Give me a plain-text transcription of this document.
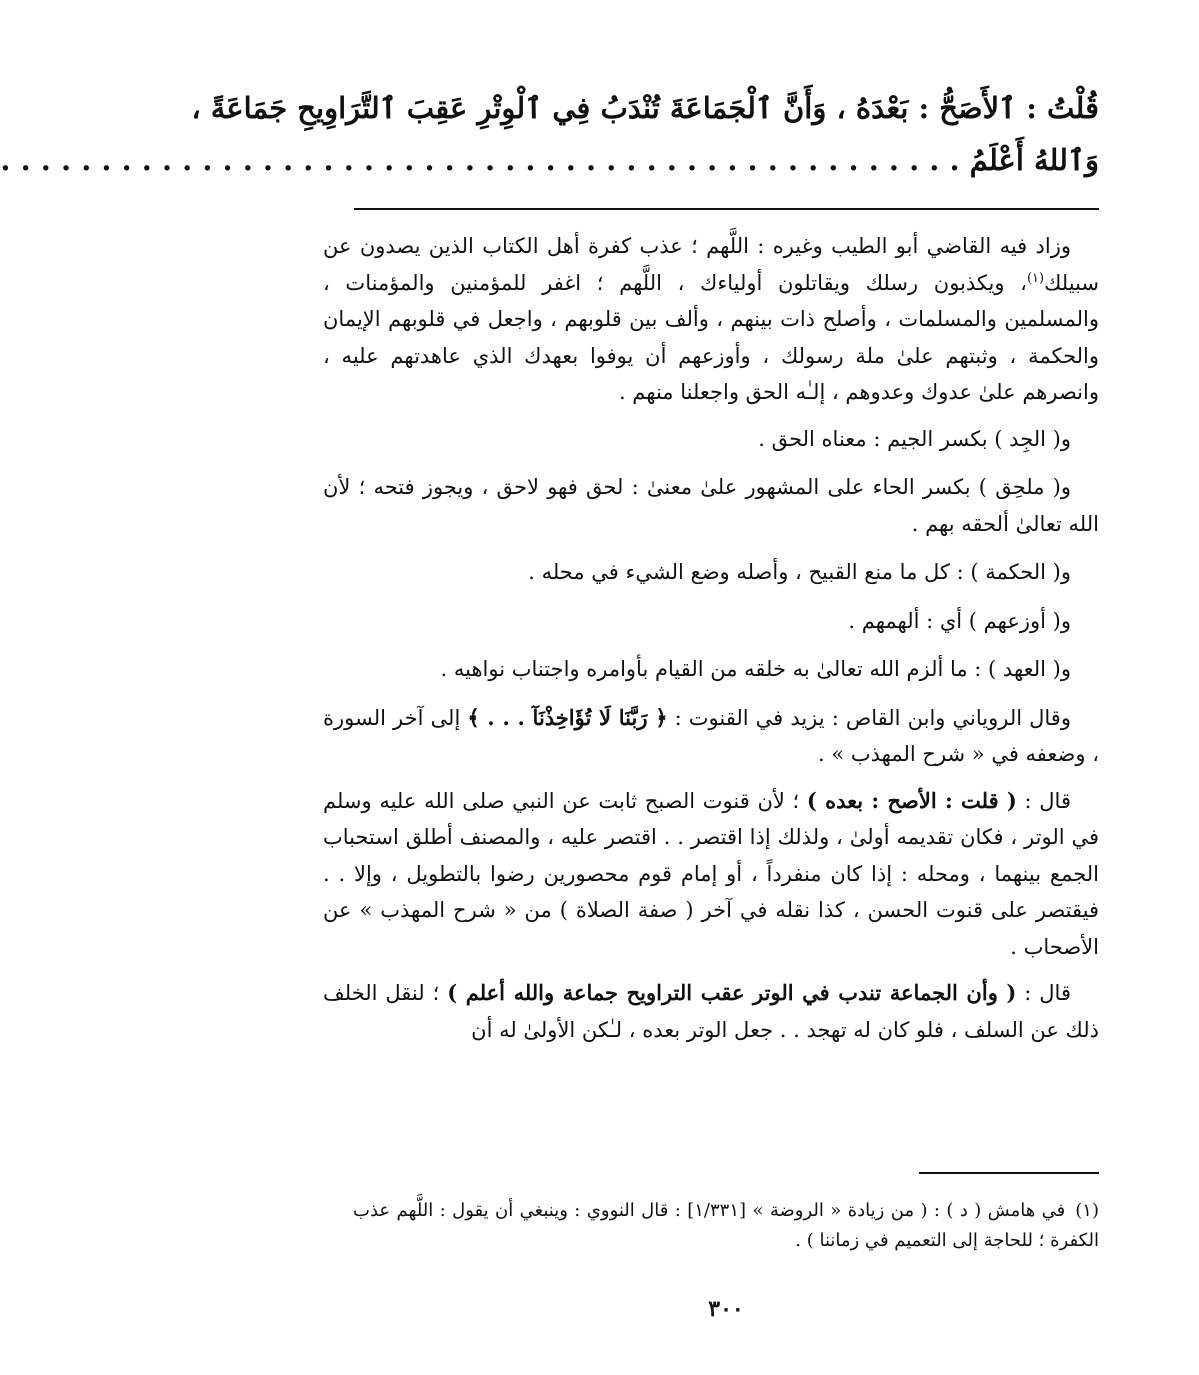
قُلْتُ : ٱلأَصَحُّ : بَعْدَهُ ، وَأَنَّ ٱلْجَمَاعَةَ تُنْدَبُ فِي ٱلْوِتْرِ عَقِبَ ٱلتَّرَاوِيحِ جَمَاعَةً ،
وَٱللهُ أَعْلَمُ . . . . . . . . . . . . . . . . . . . . . . . . . . . . . . . . . . . . . . . . . . . . . . . .

وزاد فيه القاضي أبو الطيب وغيره : اللَّهم ؛ عذب كفرة أهل الكتاب الذين يصدون عن سبيلك$^{(١)}$، ويكذبون رسلك ويقاتلون أولياءك ، اللَّهم ؛ اغفر للمؤمنين والمؤمنات ، والمسلمين والمسلمات ، وأصلح ذات بينهم ، وألف بين قلوبهم ، واجعل في قلوبهم الإيمان والحكمة ، وثبتهم علىٰ ملة رسولك ، وأوزعهم أن يوفوا بعهدك الذي عاهدتهم عليه ، وانصرهم علىٰ عدوك وعدوهم ، إلـٰه الحق واجعلنا منهم .

و( الجِد ) بكسر الجيم : معناه الحق .

و( ملحِق ) بكسر الحاء على المشهور علىٰ معنىٰ : لحق فهو لاحق ، ويجوز فتحه ؛ لأن الله تعالىٰ ألحقه بهم .

و( الحكمة ) : كل ما منع القبيح ، وأصله وضع الشيء في محله .

و( أوزعهم ) أي : ألهمهم .

و( العهد ) : ما ألزم الله تعالىٰ به خلقه من القيام بأوامره واجتناب نواهيه .

وقال الروياني وابن القاص : يزيد في القنوت : ﴿ رَبَّنَا لَا تُؤَاخِذْنَآ . . . ﴾ إلى آخر السورة ، وضعفه في « شرح المهذب » .

قال : ( قلت : الأصح : بعده ) ؛ لأن قنوت الصبح ثابت عن النبي صلى الله عليه وسلم في الوتر ، فكان تقديمه أولىٰ ، ولذلك إذا اقتصر . . اقتصر عليه ، والمصنف أطلق استحباب الجمع بينهما ، ومحله : إذا كان منفرداً ، أو إمام قوم محصورين رضوا بالتطويل ، وإلا . . فيقتصر على قنوت الحسن ، كذا نقله في آخر ( صفة الصلاة ) من « شرح المهذب » عن الأصحاب .

قال : ( وأن الجماعة تندب في الوتر عقب التراويح جماعة والله أعلم ) ؛ لنقل الخلف ذلك عن السلف ، فلو كان له تهجد . . جعل الوتر بعده ، لـٰكن الأولىٰ له أن

(١)في هامش ( د ) : ( من زيادة « الروضة » [١/٣٣١] : قال النووي : وينبغي أن يقول : اللَّهم عذب الكفرة ؛ للحاجة إلى التعميم في زماننا ) .
٣٠٠
